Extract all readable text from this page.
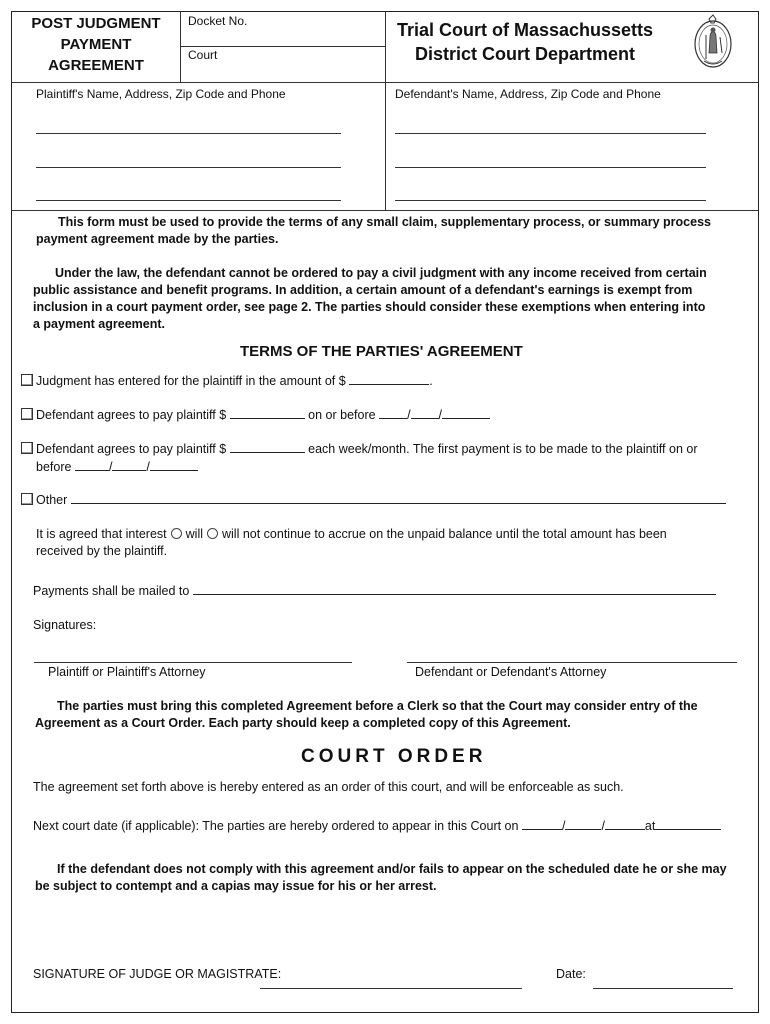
POST JUDGMENT
PAYMENT
AGREEMENT
Docket No.
Court
Trial Court of Massachussetts
District Court Department
Plaintiff's Name, Address, Zip Code and Phone	Defendant's Name, Address, Zip Code and Phone
This form must be used to provide the terms of any small claim, supplementary process, or summary process
payment agreement made by the parties.
Under the law, the defendant cannot be ordered to pay a civil judgment with any income received from certain
public assistance and benefit programs. In addition, a certain amount of a defendant's earnings is exempt from
inclusion in a court payment order, see page 2. The parties should consider these exemptions when entering into
a payment agreement.
TERMS OF THE PARTIES' AGREEMENT
Judgment has entered for the plaintiff in the amount of $	.
Defendant agrees to pay plaintiff $	on or before	/ /
Defendant agrees to pay plaintiff $	each week/month. The first payment is to be made to the plaintiff on or
before	/	/
Other
It is agreed that interest will will not continue to accrue on the unpaid balance until the total amount has been
received by the plaintiff.
Payments shall be mailed to
Signatures:
Plaintiff or Plaintiff's Attorney	Defendant or Defendant's Attorney
The parties must bring this completed Agreement before a Clerk so that the Court may consider entry of the
Agreement as a Court Order. Each party should keep a completed copy of this Agreement.
COURT ORDER
The agreement set forth above is hereby entered as an order of this court, and will be enforceable as such.
Next court date (if applicable): The parties are hereby ordered to appear in this Court on	/	/	at
If the defendant does not comply with this agreement and/or fails to appear on the scheduled date he or she may
be subject to contempt and a capias may issue for his or her arrest.
SIGNATURE OF JUDGE OR MAGISTRATE:	Date:
